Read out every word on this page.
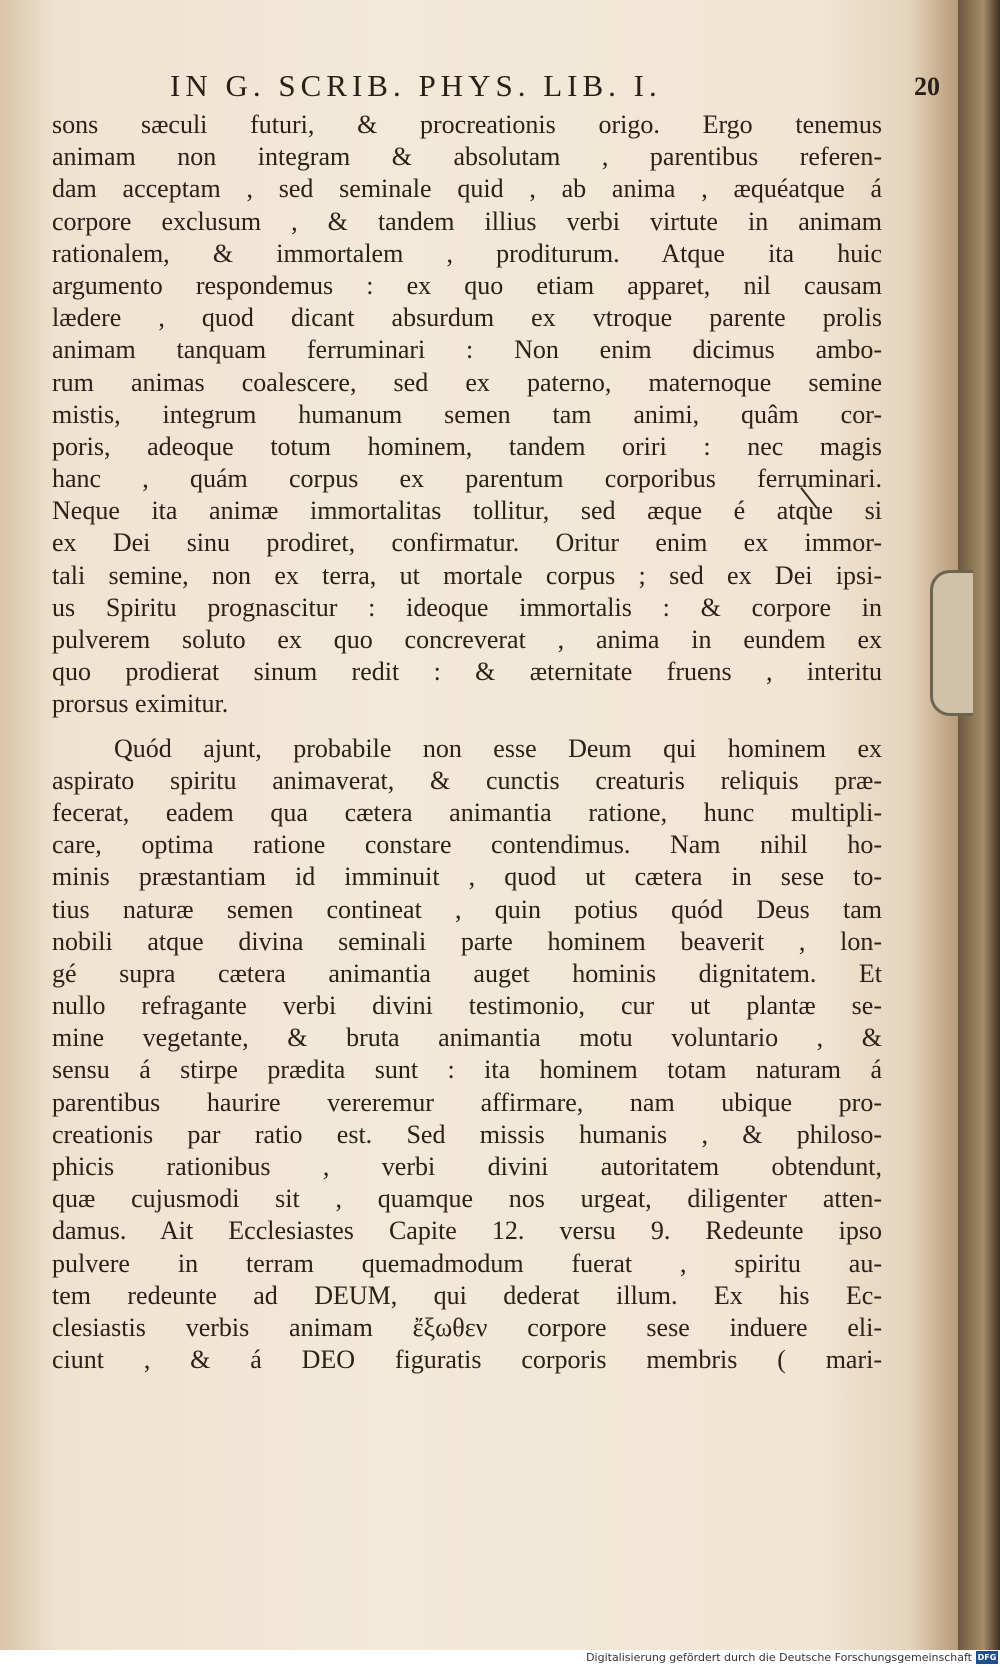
IN G. SCRIB. PHYS. LIB. I.	20
sons sæculi futuri, & procreationis origo. Ergo tenemus
animam non integram & absolutam , parentibus referen-
dam acceptam , sed seminale quid , ab anima , æquéatque á
corpore exclusum , & tandem illius verbi virtute in animam
rationalem, & immortalem , proditurum. Atque ita huic
argumento respondemus : ex quo etiam apparet, nil causam
lædere , quod dicant absurdum ex vtroque parente prolis
animam tanquam ferruminari : Non enim dicimus ambo-
rum animas coalescere, sed ex paterno, maternoque semine
mistis, integrum humanum semen tam animi, quâm cor-
poris, adeoque totum hominem, tandem oriri : nec magis
hanc , quám corpus ex parentum corporibus ferruminari.
Neque ita animæ immortalitas tollitur, sed æque é atque si
ex Dei sinu prodiret, confirmatur. Oritur enim ex immor-
tali semine, non ex terra, ut mortale corpus ; sed ex Dei ipsi-
us Spiritu prognascitur : ideoque immortalis : & corpore in
pulverem soluto ex quo concreverat , anima in eundem ex
quo prodierat sinum redit : & æternitate fruens , interitu
prorsus eximitur.
Quód ajunt, probabile non esse Deum qui hominem ex
aspirato spiritu animaverat, & cunctis creaturis reliquis præ-
fecerat, eadem qua cætera animantia ratione, hunc multipli-
care, optima ratione constare contendimus. Nam nihil ho-
minis præstantiam id imminuit , quod ut cætera in sese to-
tius naturæ semen contineat , quin potius quód Deus tam
nobili atque divina seminali parte hominem beaverit , lon-
gé supra cætera animantia auget hominis dignitatem. Et
nullo refragante verbi divini testimonio, cur ut plantæ se-
mine vegetante, & bruta animantia motu voluntario , &
sensu á stirpe prædita sunt : ita hominem totam naturam á
parentibus haurire vereremur affirmare, nam ubique pro-
creationis par ratio est. Sed missis humanis , & philoso-
phicis rationibus , verbi divini autoritatem obtendunt,
quæ cujusmodi sit , quamque nos urgeat, diligenter atten-
damus. Ait Ecclesiastes Capite 12. versu 9. Redeunte ipso
pulvere in terram quemadmodum fuerat , spiritu au-
tem redeunte ad DEUM, qui dederat illum. Ex his Ec-
clesiastis verbis animam ἔξωθεν corpore sese induere eli-
ciunt , & á DEO figuratis corporis membris ( mari-
Digitalisierung gefördert durch die Deutsche Forschungsgemeinschaft DFG
